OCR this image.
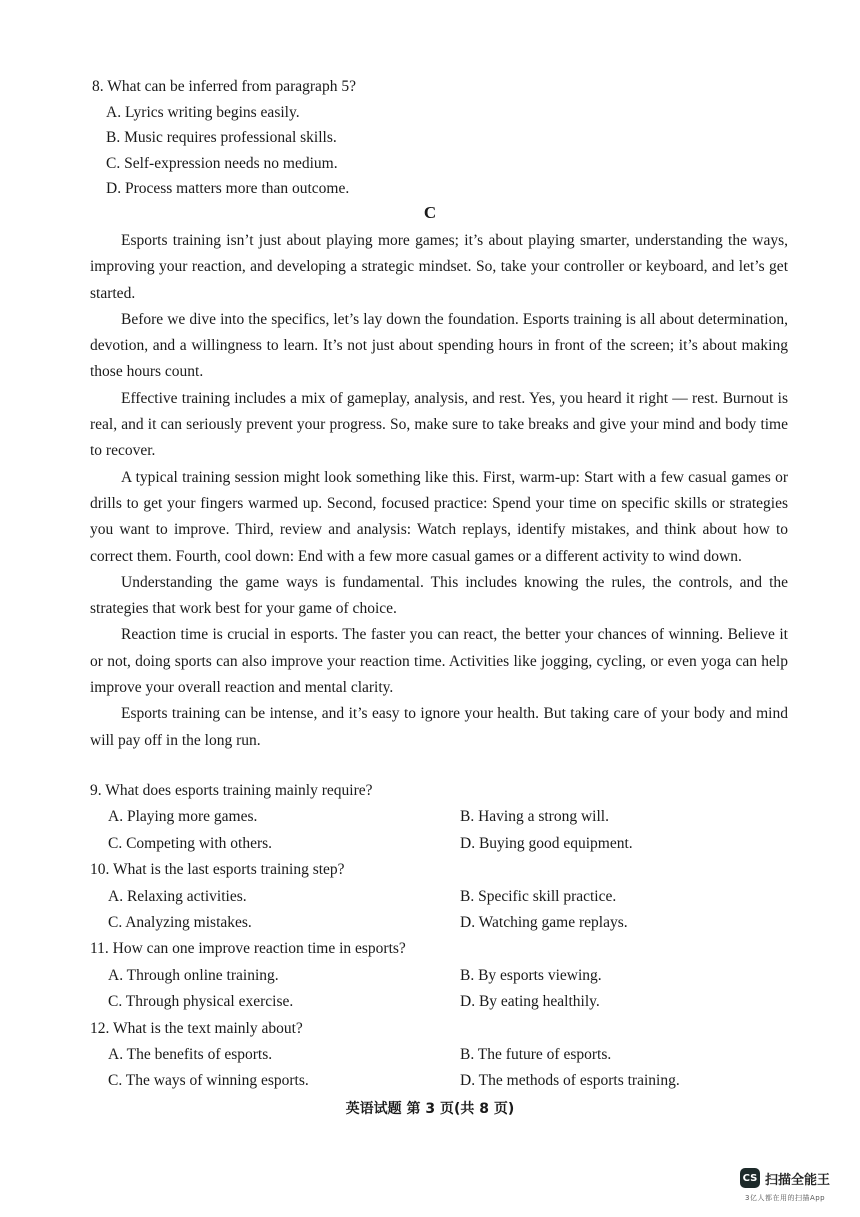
8. What can be inferred from paragraph 5?
A. Lyrics writing begins easily.
B. Music requires professional skills.
C. Self-expression needs no medium.
D. Process matters more than outcome.
C

Esports training isn’t just about playing more games; it’s about playing smarter, understanding the ways, improving your reaction, and developing a strategic mindset. So, take your controller or keyboard, and let’s get started.

Before we dive into the specifics, let’s lay down the foundation. Esports training is all about determination, devotion, and a willingness to learn. It’s not just about spending hours in front of the screen; it’s about making those hours count.

Effective training includes a mix of gameplay, analysis, and rest. Yes, you heard it right — rest. Burnout is real, and it can seriously prevent your progress. So, make sure to take breaks and give your mind and body time to recover.

A typical training session might look something like this. First, warm-up: Start with a few casual games or drills to get your fingers warmed up. Second, focused practice: Spend your time on specific skills or strategies you want to improve. Third, review and analysis: Watch replays, identify mistakes, and think about how to correct them. Fourth, cool down: End with a few more casual games or a different activity to wind down.

Understanding the game ways is fundamental. This includes knowing the rules, the controls, and the strategies that work best for your game of choice.

Reaction time is crucial in esports. The faster you can react, the better your chances of winning. Believe it or not, doing sports can also improve your reaction time. Activities like jogging, cycling, or even yoga can help improve your overall reaction and mental clarity.

Esports training can be intense, and it’s easy to ignore your health. But taking care of your body and mind will pay off in the long run.

9. What does esports training mainly require?
A. Playing more games.	B. Having a strong will.
C. Competing with others.	D. Buying good equipment.
10. What is the last esports training step?
A. Relaxing activities.	B. Specific skill practice.
C. Analyzing mistakes.	D. Watching game replays.
11. How can one improve reaction time in esports?
A. Through online training.	B. By esports viewing.
C. Through physical exercise.	D. By eating healthily.
12. What is the text mainly about?
A. The benefits of esports.	B. The future of esports.
C. The ways of winning esports.	D. The methods of esports training.
英语试题 第 3 页(共 8 页)
CS 扫描全能王
3亿人都在用的扫描App
